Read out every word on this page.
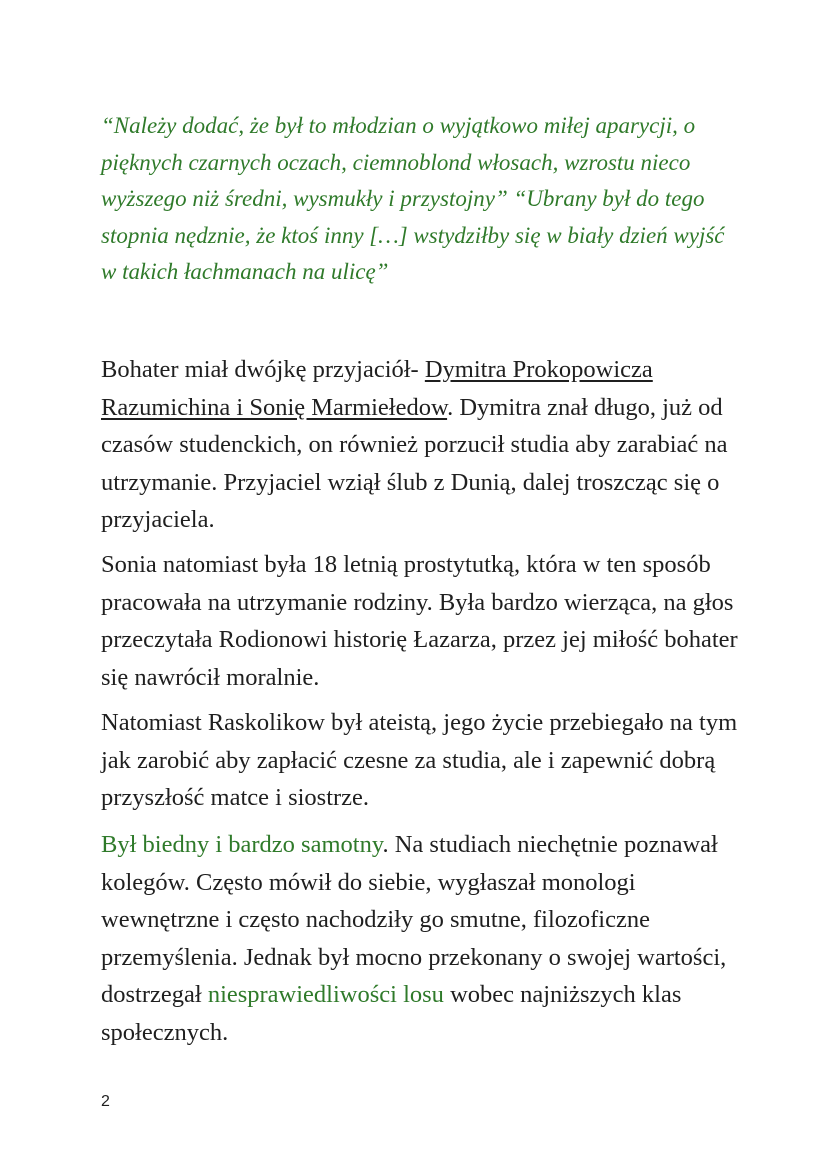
“Należy dodać, że był to młodzian o wyjątkowo miłej aparycji, o pięknych czarnych oczach, ciemnoblond włosach, wzrostu nieco wyższego niż średni, wysmukły i przystojny” “Ubrany był do tego stopnia nędznie, że ktoś inny […] wstydziłby się w biały dzień wyjść w takich łachmanach na ulicę”

Bohater miał dwójkę przyjaciół- Dymitra Prokopowicza Razumichina i Sonię Marmiełedow. Dymitra znał długo, już od czasów studenckich, on również porzucił studia aby zarabiać na utrzymanie. Przyjaciel wziął ślub z Dunią, dalej troszcząc się o przyjaciela.

Sonia natomiast była 18 letnią prostytutką, która w ten sposób pracowała na utrzymanie rodziny. Była bardzo wierząca, na głos przeczytała Rodionowi historię Łazarza, przez jej miłość bohater się nawrócił moralnie.

Natomiast Raskolikow był ateistą, jego życie przebiegało na tym jak zarobić aby zapłacić czesne za studia, ale i zapewnić dobrą przyszłość matce i siostrze.

Był biedny i bardzo samotny. Na studiach niechętnie poznawał kolegów. Często mówił do siebie, wygłaszał monologi wewnętrzne i często nachodziły go smutne, filozoficzne przemyślenia. Jednak był mocno przekonany o swojej wartości, dostrzegał niesprawiedliwości losu wobec najniższych klas społecznych.

2
